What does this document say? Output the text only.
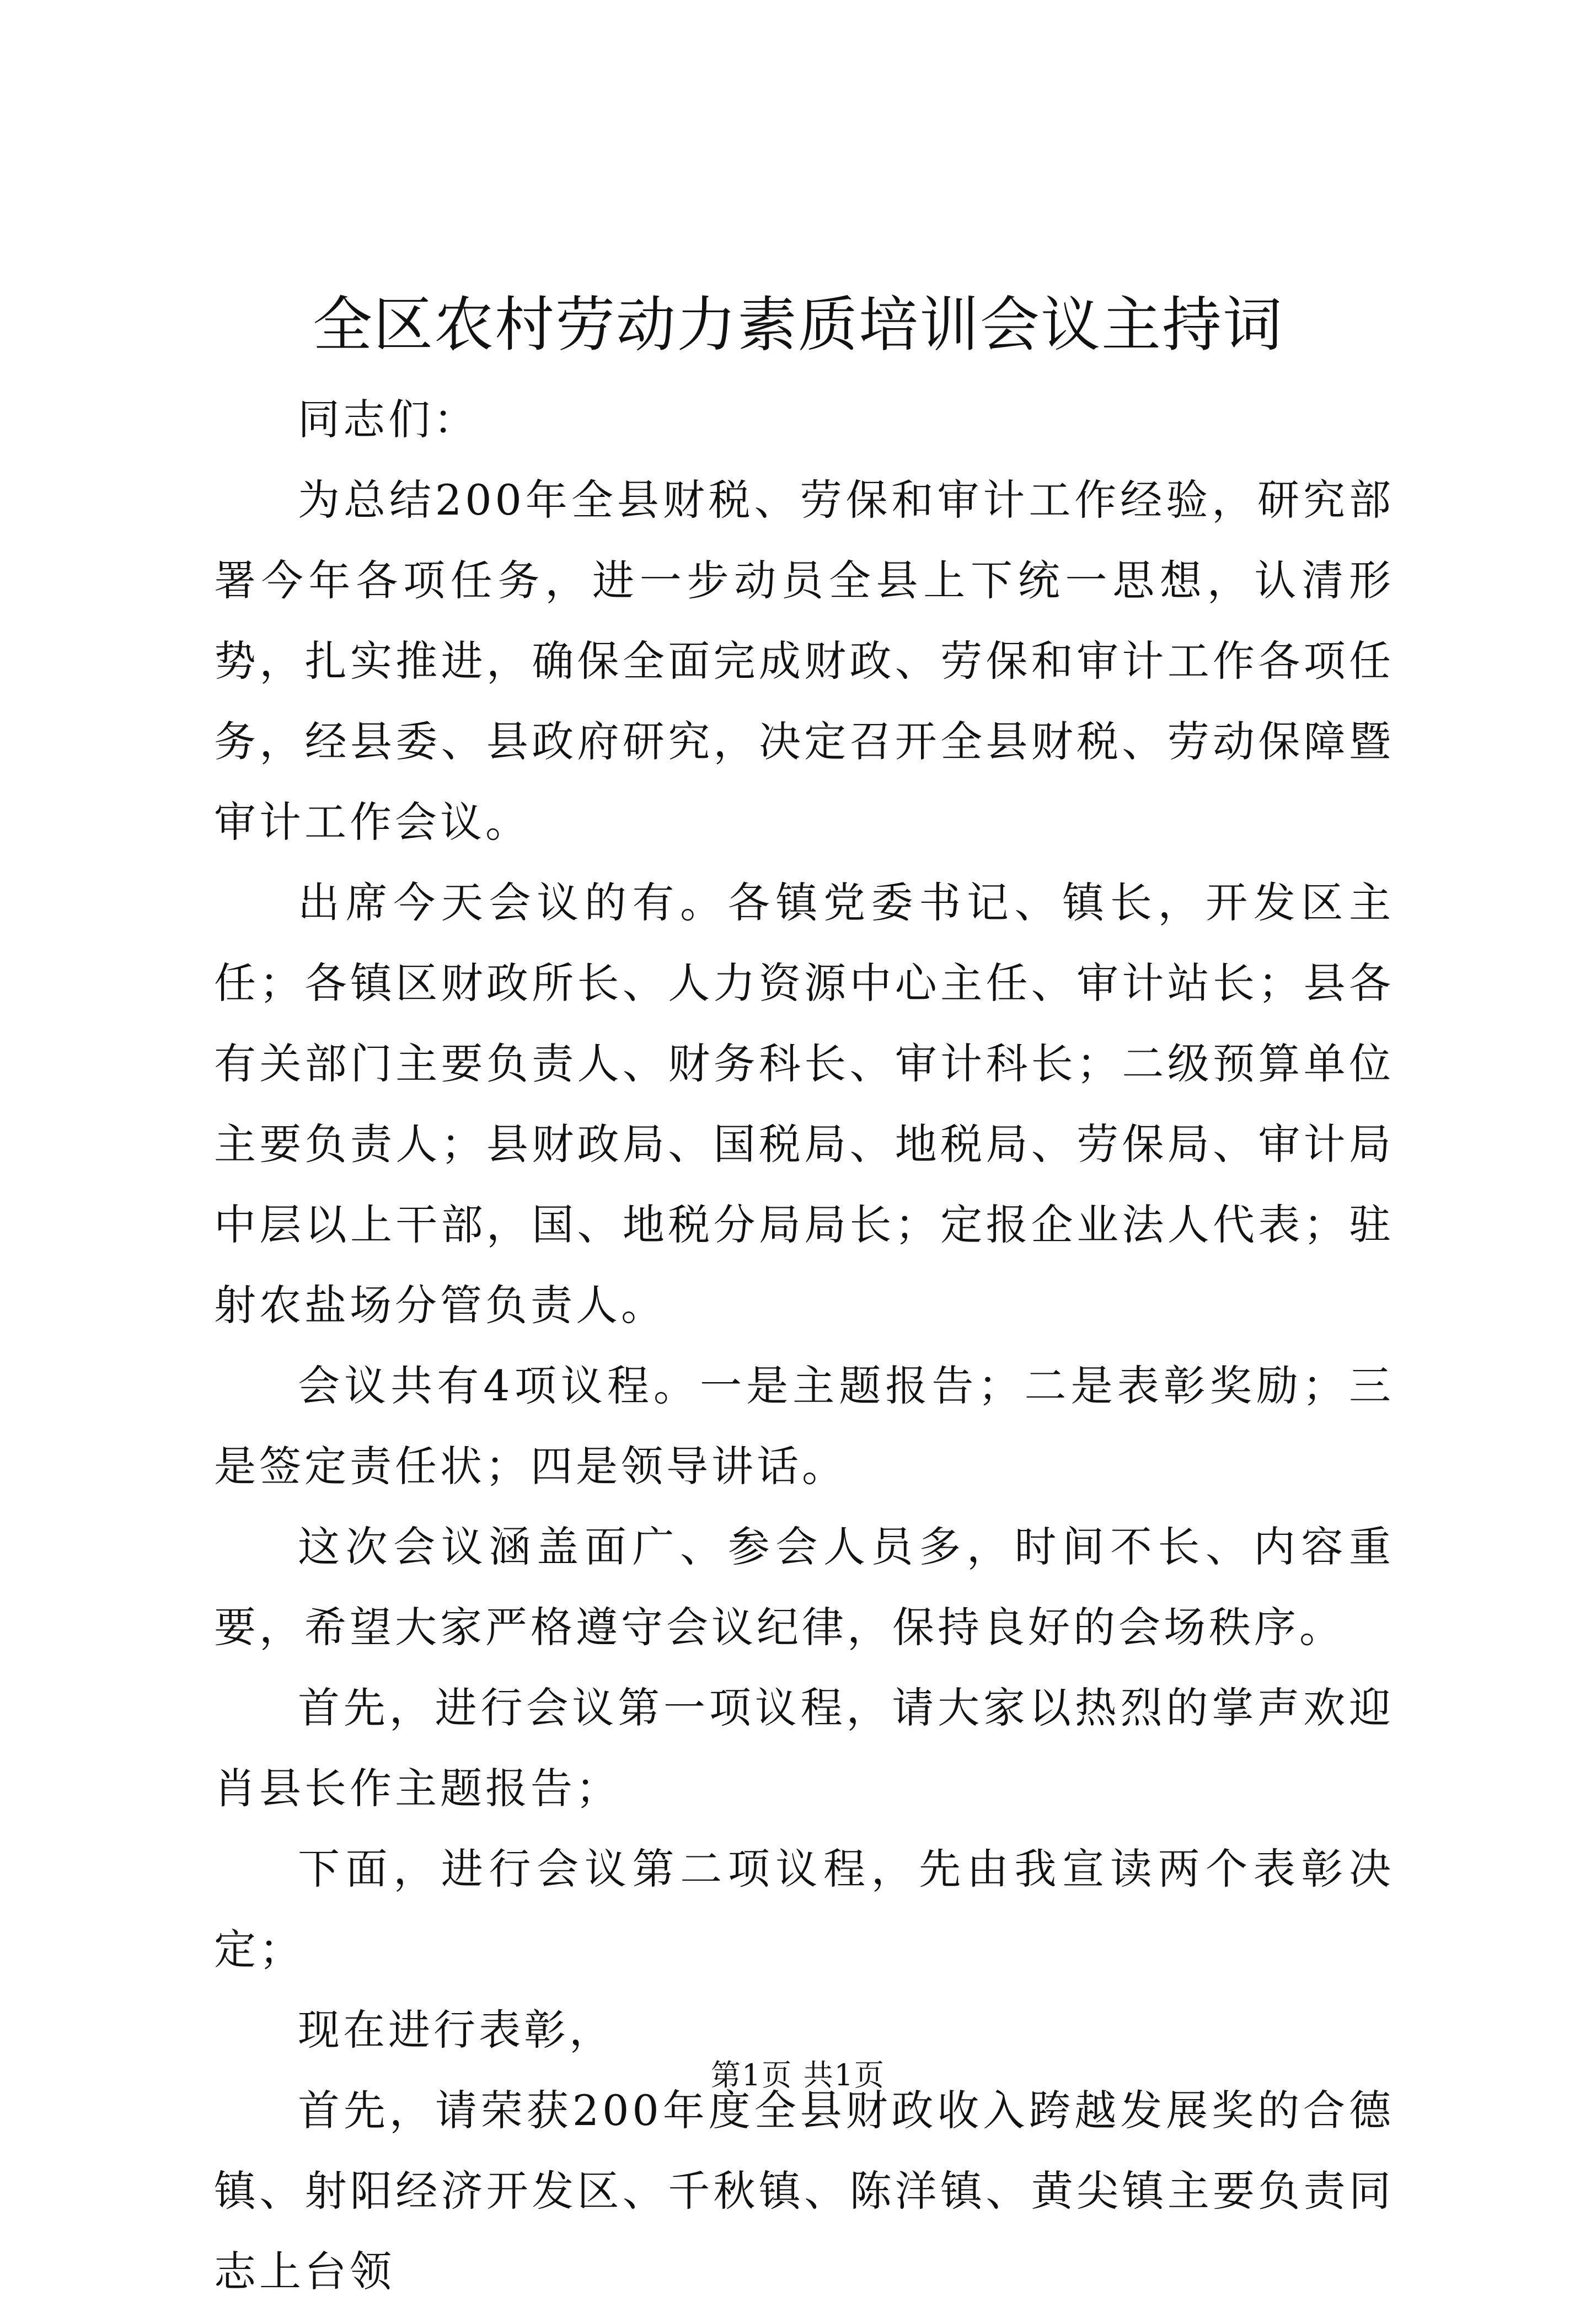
全区农村劳动力素质培训会议主持词

同志们：

为总结200年全县财税、劳保和审计工作经验，研究部署今年各项任务，进一步动员全县上下统一思想，认清形势，扎实推进，确保全面完成财政、劳保和审计工作各项任务，经县委、县政府研究，决定召开全县财税、劳动保障暨审计工作会议。

出席今天会议的有。各镇党委书记、镇长，开发区主任；各镇区财政所长、人力资源中心主任、审计站长；县各有关部门主要负责人、财务科长、审计科长；二级预算单位主要负责人；县财政局、国税局、地税局、劳保局、审计局中层以上干部，国、地税分局局长；定报企业法人代表；驻射农盐场分管负责人。

会议共有4项议程。一是主题报告；二是表彰奖励；三是签定责任状；四是领导讲话。

这次会议涵盖面广、参会人员多，时间不长、内容重要，希望大家严格遵守会议纪律，保持良好的会场秩序。

首先，进行会议第一项议程，请大家以热烈的掌声欢迎肖县长作主题报告；

下面，进行会议第二项议程，先由我宣读两个表彰决定；

现在进行表彰，

首先，请荣获200年度全县财政收入跨越发展奖的合德镇、射阳经济开发区、千秋镇、陈洋镇、黄尖镇主要负责同志上台领

第1页 共1页
